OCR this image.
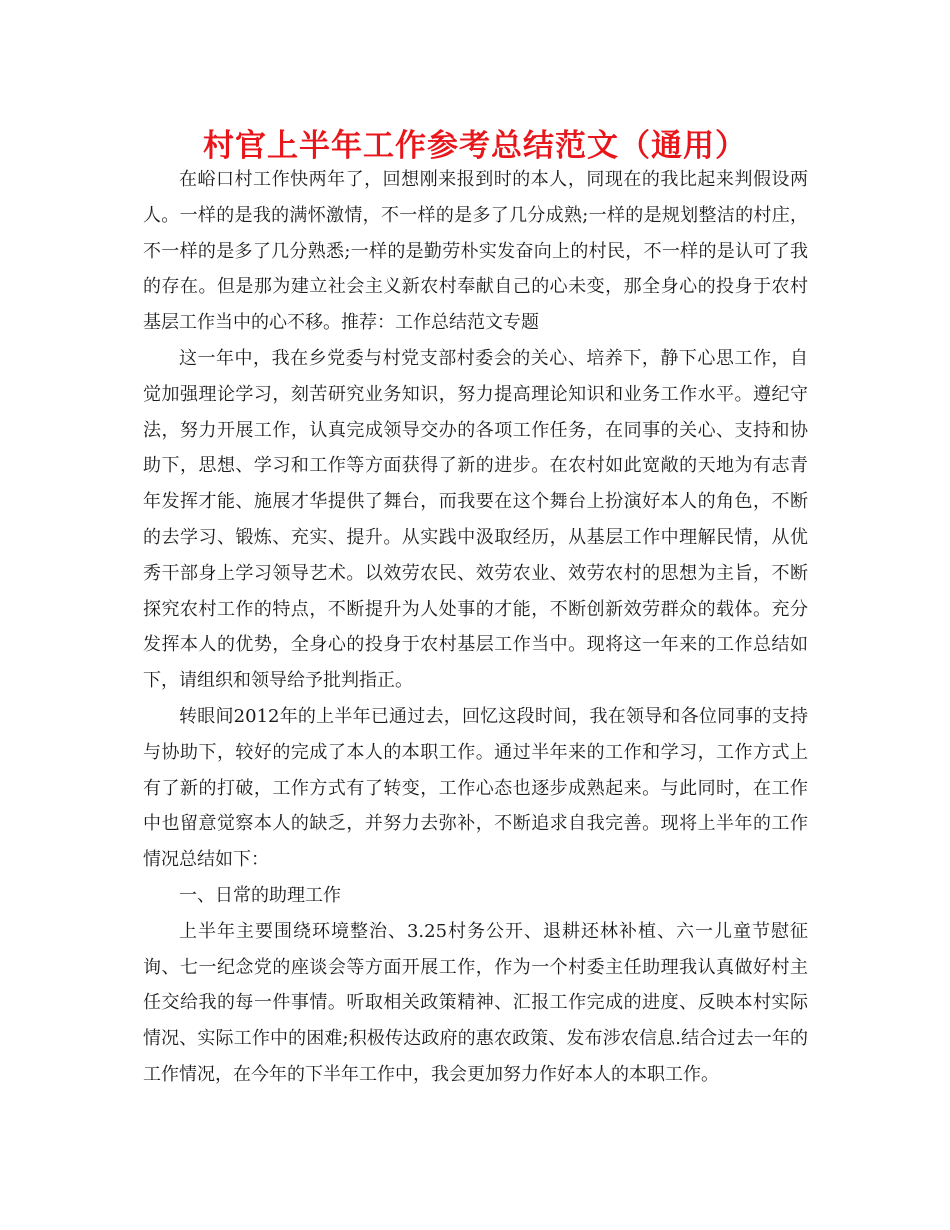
村官上半年工作参考总结范文（通用）

在峪口村工作快两年了，回想刚来报到时的本人，同现在的我比起来判假设两人。一样的是我的满怀激情，不一样的是多了几分成熟;一样的是规划整洁的村庄，不一样的是多了几分熟悉;一样的是勤劳朴实发奋向上的村民，不一样的是认可了我的存在。但是那为建立社会主义新农村奉献自己的心未变，那全身心的投身于农村基层工作当中的心不移。推荐：工作总结范文专题

这一年中，我在乡党委与村党支部村委会的关心、培养下，静下心思工作，自觉加强理论学习，刻苦研究业务知识，努力提高理论知识和业务工作水平。遵纪守法，努力开展工作，认真完成领导交办的各项工作任务，在同事的关心、支持和协助下，思想、学习和工作等方面获得了新的进步。在农村如此宽敞的天地为有志青年发挥才能、施展才华提供了舞台，而我要在这个舞台上扮演好本人的角色，不断的去学习、锻炼、充实、提升。从实践中汲取经历，从基层工作中理解民情，从优秀干部身上学习领导艺术。以效劳农民、效劳农业、效劳农村的思想为主旨，不断探究农村工作的特点，不断提升为人处事的才能，不断创新效劳群众的载体。充分发挥本人的优势，全身心的投身于农村基层工作当中。现将这一年来的工作总结如下，请组织和领导给予批判指正。

转眼间2012年的上半年已通过去，回忆这段时间，我在领导和各位同事的支持与协助下，较好的完成了本人的本职工作。通过半年来的工作和学习，工作方式上有了新的打破，工作方式有了转变，工作心态也逐步成熟起来。与此同时，在工作中也留意觉察本人的缺乏，并努力去弥补，不断追求自我完善。现将上半年的工作情况总结如下：

一、日常的助理工作

上半年主要围绕环境整治、3.25村务公开、退耕还林补植、六一儿童节慰征询、七一纪念党的座谈会等方面开展工作，作为一个村委主任助理我认真做好村主任交给我的每一件事情。听取相关政策精神、汇报工作完成的进度、反映本村实际情况、实际工作中的困难;积极传达政府的惠农政策、发布涉农信息.结合过去一年的工作情况，在今年的下半年工作中，我会更加努力作好本人的本职工作。
